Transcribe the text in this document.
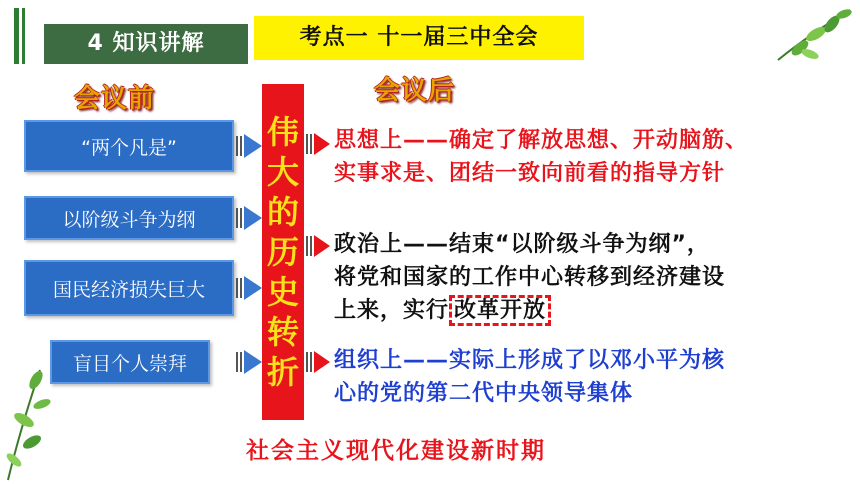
4 知识讲解	考点一 十一届三中全会
会议前	会议后
“两个凡是”
以阶级斗争为纲
国民经济损失巨大
盲目个人崇拜
伟
大
的
历
史
转
折
思想上——确定了解放思想、开动脑筋、
实事求是、团结一致向前看的指导方针
政治上——结束“以阶级斗争为纲”，
将党和国家的工作中心转移到经济建设
上来，实行 改革开放
组织上——实际上形成了以邓小平为核
心的党的第二代中央领导集体
社会主义现代化建设新时期
